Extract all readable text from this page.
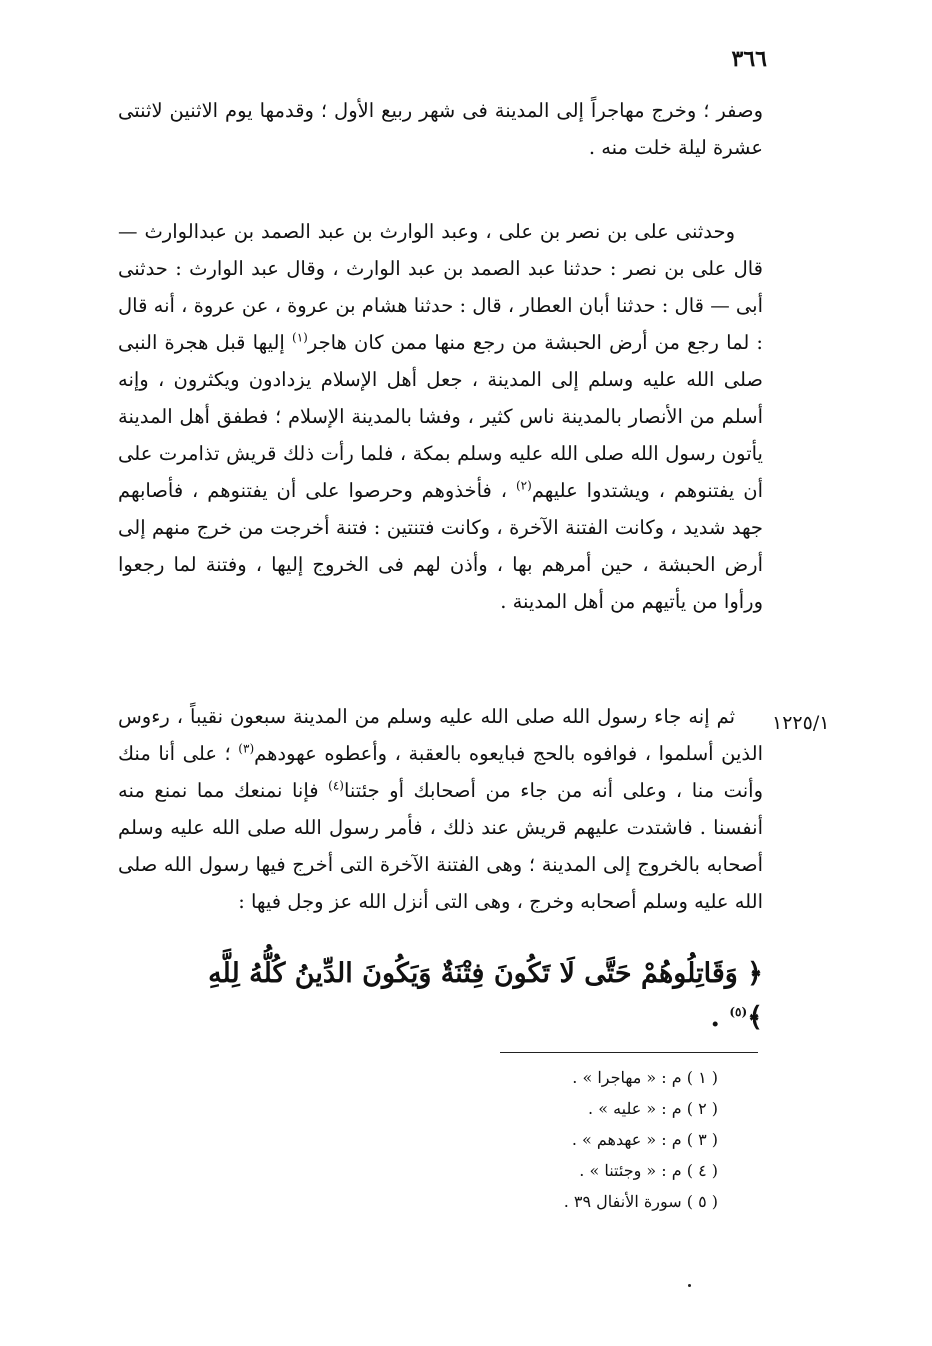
٣٦٦
وصفر ؛ وخرج مهاجراً إلى المدينة فى شهر ربيع الأول ؛ وقدمها يوم الاثنين لاثنتى عشرة ليلة خلت منه .
وحدثنى على بن نصر بن على ، وعبد الوارث بن عبد الصمد بن عبدالوارث — قال على بن نصر : حدثنا عبد الصمد بن عبد الوارث ، وقال عبد الوارث : حدثنى أبى — قال : حدثنا أبان العطار ، قال : حدثنا هشام بن عروة ، عن عروة ، أنه قال : لما رجع من أرض الحبشة من رجع منها ممن كان هاجر$^{(١)}$ إليها قبل هجرة النبى صلى الله عليه وسلم إلى المدينة ، جعل أهل الإسلام يزدادون ويكثرون ، وإنه أسلم من الأنصار بالمدينة ناس كثير ، وفشا بالمدينة الإسلام ؛ فطفق أهل المدينة يأتون رسول الله صلى الله عليه وسلم بمكة ، فلما رأت ذلك قريش تذامرت على أن يفتنوهم ، ويشتدوا عليهم$^{(٢)}$ ، فأخذوهم وحرصوا على أن يفتنوهم ، فأصابهم جهد شديد ، وكانت الفتنة الآخرة ، وكانت فتنتين : فتنة أخرجت من خرج منهم إلى أرض الحبشة ، حين أمرهم بها ، وأذن لهم فى الخروج إليها ، وفتنة لما رجعوا ورأوا من يأتيهم من أهل المدينة .
١٢٢٥/١
ثم إنه جاء رسول الله صلى الله عليه وسلم من المدينة سبعون نقيباً ، رءوس الذين أسلموا ، فوافوه بالحج فبايعوه بالعقبة ، وأعطوه عهودهم$^{(٣)}$ ؛ على أنا منك وأنت منا ، وعلى أنه من جاء من أصحابك أو جئتنا$^{(٤)}$ فإنا نمنعك مما نمنع منه أنفسنا . فاشتدت عليهم قريش عند ذلك ، فأمر رسول الله صلى الله عليه وسلم أصحابه بالخروج إلى المدينة ؛ وهى الفتنة الآخرة التى أخرج فيها رسول الله صلى الله عليه وسلم أصحابه وخرج ، وهى التى أنزل الله عز وجل فيها :
﴿ وَقَاتِلُوهُمْ حَتَّى لَا تَكُونَ فِتْنَةٌ وَيَكُونَ الدِّينُ كُلُّهُ لِلَّهِ ﴾$^{(٥)}$ .
( ١ ) م : « مهاجرا » .
( ٢ ) م : « عليه » .
( ٣ ) م : « عهدهم » .
( ٤ ) م : « وجئتنا » .
( ٥ ) سورة الأنفال ٣٩ .
